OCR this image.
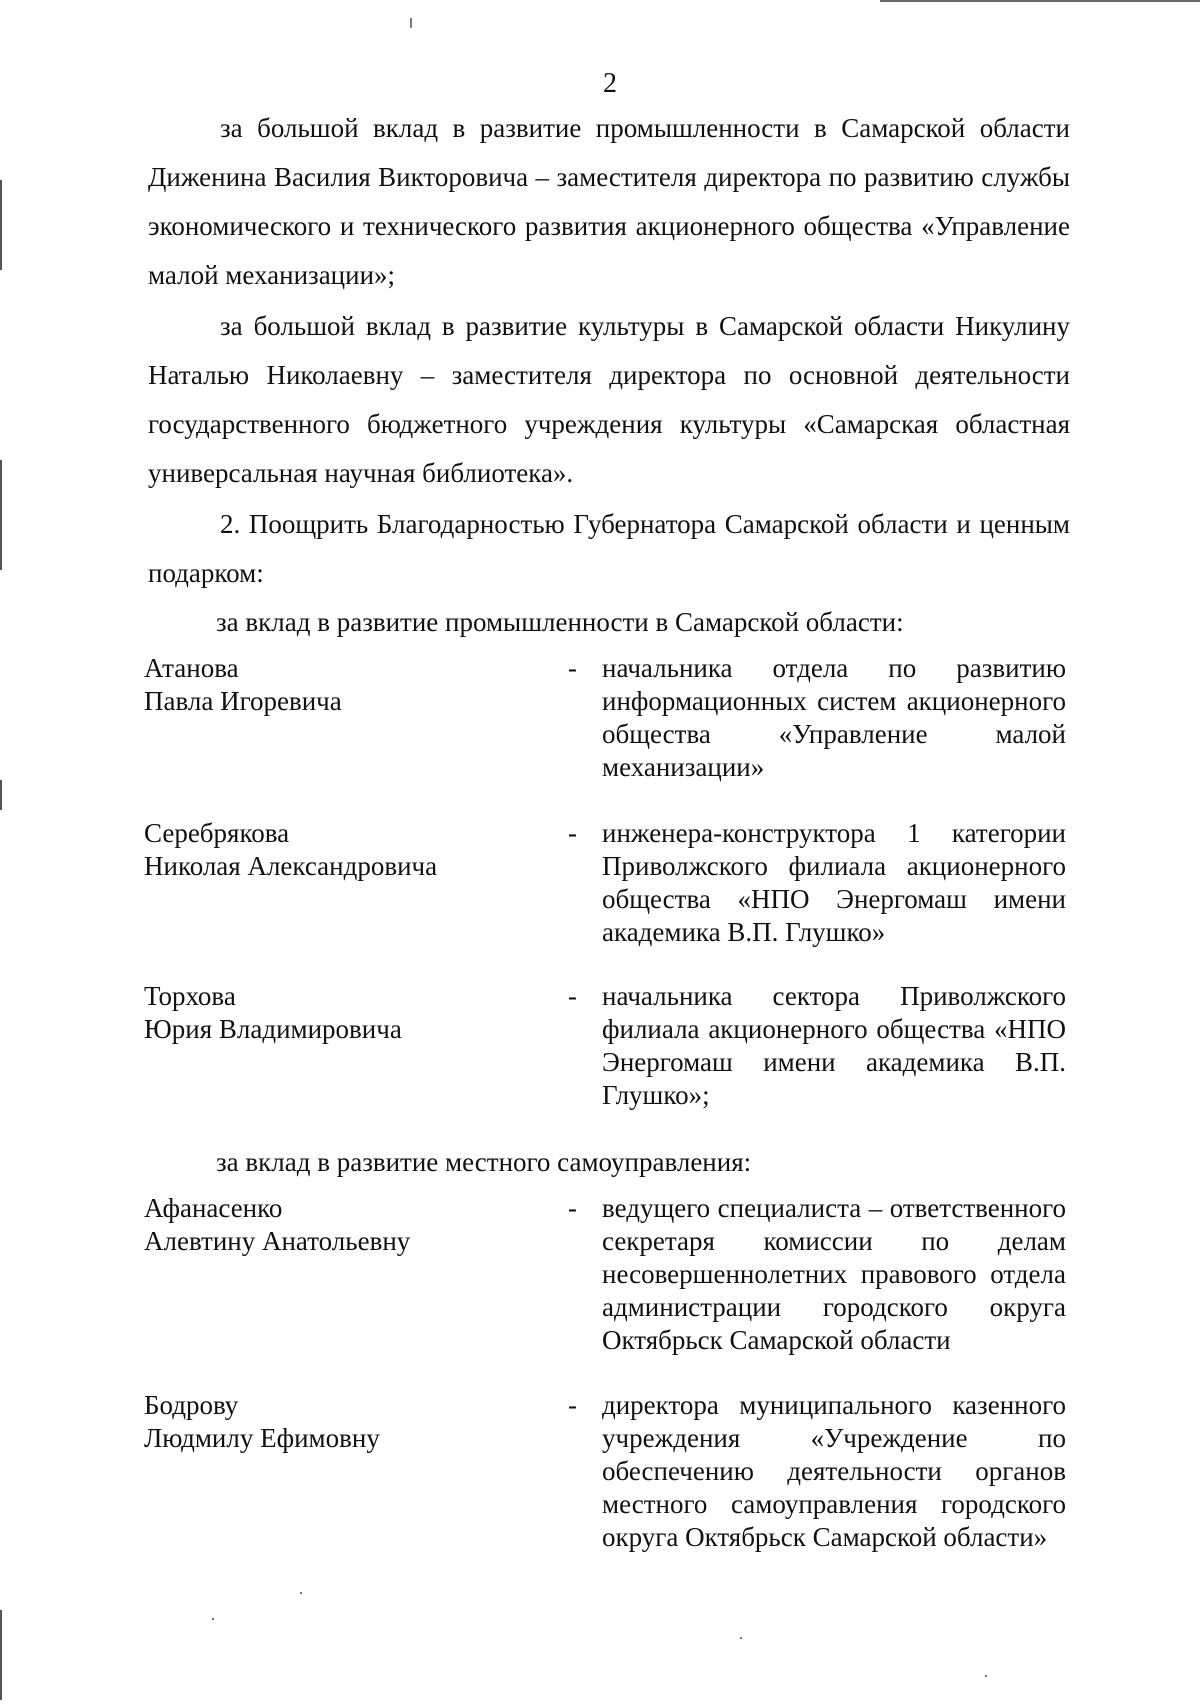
2

за большой вклад в развитие промышленности в Самарской области Диженина Василия Викторовича – заместителя директора по развитию службы экономического и технического развития акционерного общества «Управление малой механизации»;

за большой вклад в развитие культуры в Самарской области Никулину Наталью Николаевну – заместителя директора по основной деятельности государственного бюджетного учреждения культуры «Самарская областная универсальная научная библиотека».

2. Поощрить Благодарностью Губернатора Самарской области и ценным подарком:

за вклад в развитие промышленности в Самарской области:

Атанова
Павла Игоревича
- начальника отдела по развитию информационных систем акционерного общества «Управление малой механизации»
Серебрякова
Николая Александровича
- инженера-конструктора 1 категории Приволжского филиала акционерного общества «НПО Энергомаш имени академика В.П. Глушко»
Торхова
Юрия Владимировича
- начальника сектора Приволжского филиала акционерного общества «НПО Энергомаш имени академика В.П. Глушко»;

за вклад в развитие местного самоуправления:

Афанасенко
Алевтину Анатольевну
- ведущего специалиста – ответственного секретаря комиссии по делам несовершеннолетних правового отдела администрации городского округа Октябрьск Самарской области
Бодрову
Людмилу Ефимовну
- директора муниципального казенного учреждения «Учреждение по обеспечению деятельности органов местного самоуправления городского округа Октябрьск Самарской области»
